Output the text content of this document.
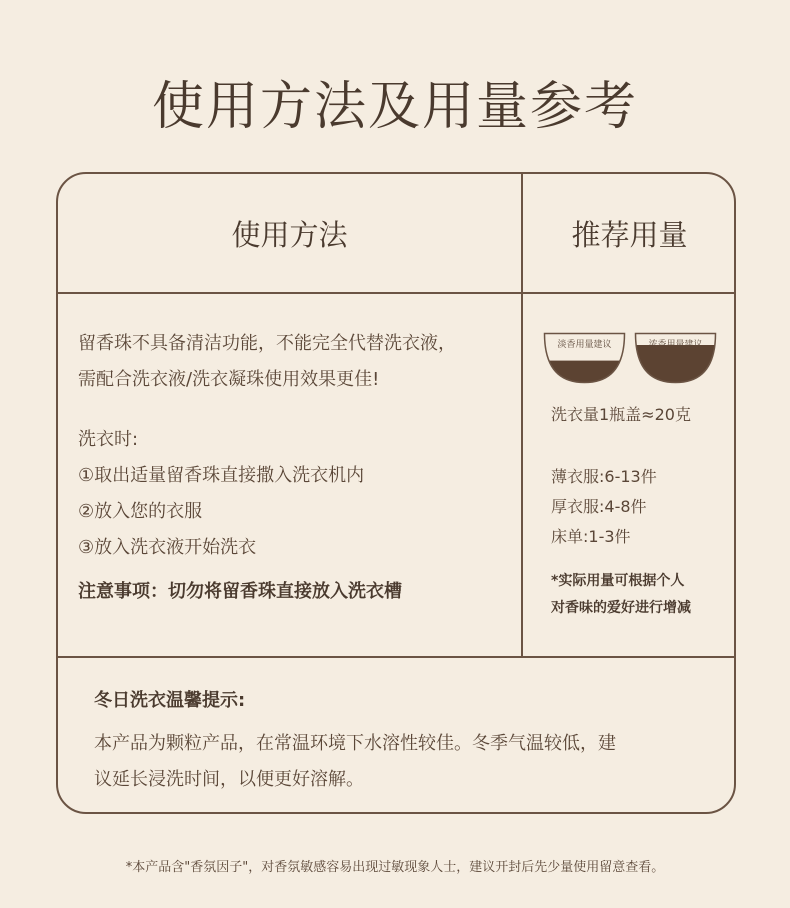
使用方法及用量参考
使用方法	推荐用量

留香珠不具备清洁功能，不能完全代替洗衣液，

需配合洗衣液/洗衣凝珠使用效果更佳!

洗衣时:

①取出适量留香珠直接撒入洗衣机内

②放入您的衣服

③放入洗衣液开始洗衣

注意事项：切勿将留香珠直接放入洗衣槽

淡香用量建议	浓香用量建议
洗衣量1瓶盖≈20克
薄衣服:6-13件
厚衣服:4-8件
床单:1-3件
*实际用量可根据个人
对香味的爱好进行增减
冬日洗衣温馨提示:
本产品为颗粒产品，在常温环境下水溶性较佳。冬季气温较低，建
议延长浸洗时间，以便更好溶解。
*本产品含"香氛因子"，对香氛敏感容易出现过敏现象人士，建议开封后先少量使用留意查看。
